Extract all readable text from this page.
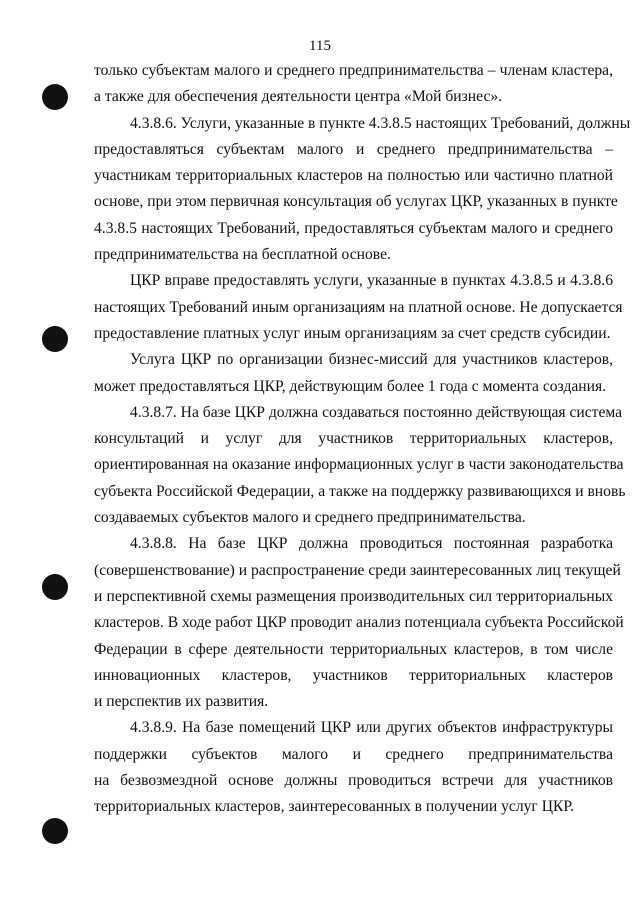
115
только субъектам малого и среднего предпринимательства – членам кластера,
а также для обеспечения деятельности центра «Мой бизнес».
4.3.8.6. Услуги, указанные в пункте 4.3.8.5 настоящих Требований, должны
предоставляться субъектам малого и среднего предпринимательства –
участникам территориальных кластеров на полностью или частично платной
основе, при этом первичная консультация об услугах ЦКР, указанных в пункте
4.3.8.5 настоящих Требований, предоставляться субъектам малого и среднего
предпринимательства на бесплатной основе.
ЦКР вправе предоставлять услуги, указанные в пунктах 4.3.8.5 и 4.3.8.6
настоящих Требований иным организациям на платной основе. Не допускается
предоставление платных услуг иным организациям за счет средств субсидии.
Услуга ЦКР по организации бизнес-миссий для участников кластеров,
может предоставляться ЦКР, действующим более 1 года с момента создания.
4.3.8.7. На базе ЦКР должна создаваться постоянно действующая система
консультаций и услуг для участников территориальных кластеров,
ориентированная на оказание информационных услуг в части законодательства
субъекта Российской Федерации, а также на поддержку развивающихся и вновь
создаваемых субъектов малого и среднего предпринимательства.
4.3.8.8. На базе ЦКР должна проводиться постоянная разработка
(совершенствование) и распространение среди заинтересованных лиц текущей
и перспективной схемы размещения производительных сил территориальных
кластеров. В ходе работ ЦКР проводит анализ потенциала субъекта Российской
Федерации в сфере деятельности территориальных кластеров, в том числе
инновационных кластеров, участников территориальных кластеров
и перспектив их развития.
4.3.8.9. На базе помещений ЦКР или других объектов инфраструктуры
поддержки субъектов малого и среднего предпринимательства
на безвозмездной основе должны проводиться встречи для участников
территориальных кластеров, заинтересованных в получении услуг ЦКР.
